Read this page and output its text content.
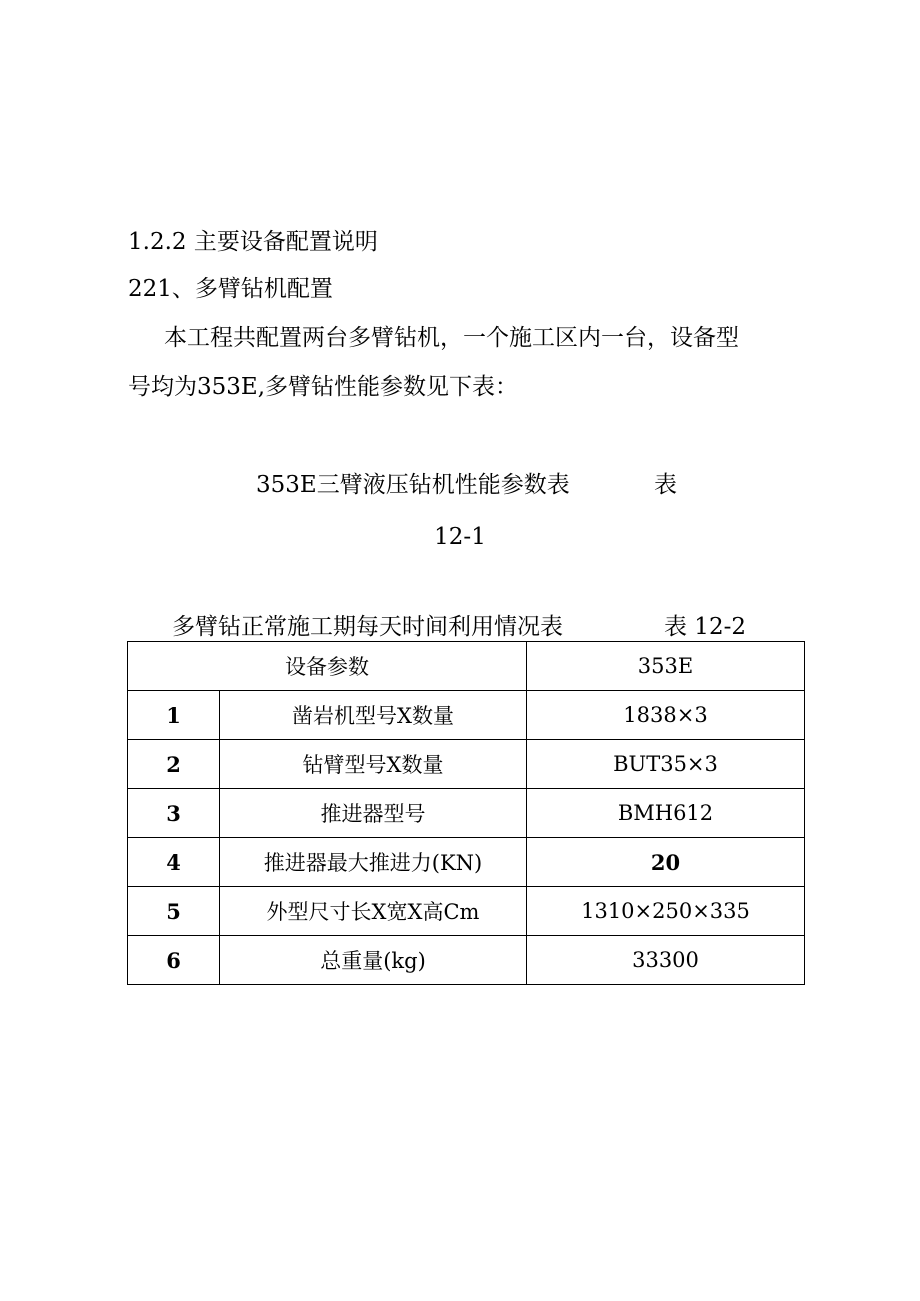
1.2.2 主要设备配置说明
221、多臂钻机配置
本工程共配置两台多臂钻机，一个施工区内一台，设备型
号均为353E,多臂钻性能参数见下表：
353E三臂液压钻机性能参数表	表
12-1
多臂钻正常施工期每天时间利用情况表	表 12-2
设备参数		353E
1	凿岩机型号X数量	1838×3
2	钻臂型号X数量	BUT35×3
3	推进器型号	BMH612
4	推进器最大推进力(KN)	20
5	外型尺寸长X宽X高Cm	1310×250×335
6	总重量(kg)	33300
